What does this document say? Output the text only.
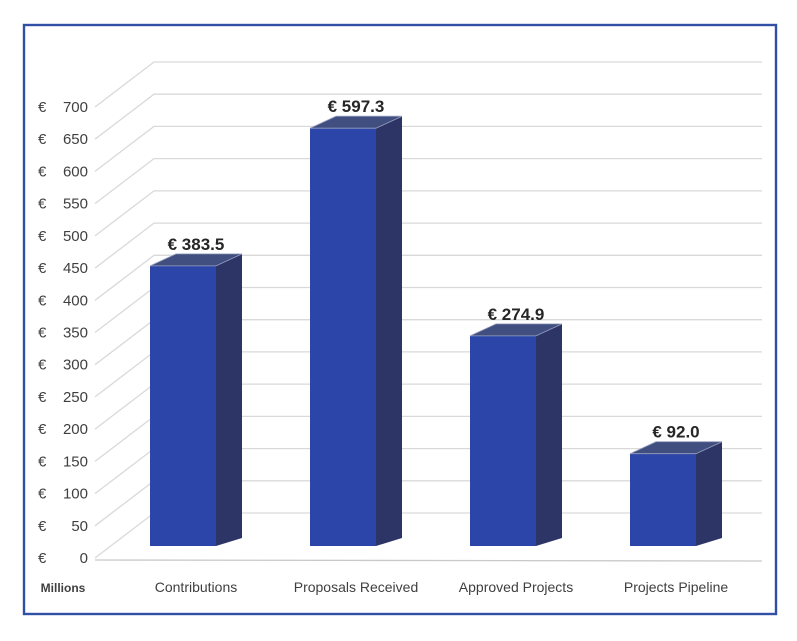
€ 0
€ 50
€ 100
€ 150
€ 200
€ 250
€ 300
€ 350
€ 400
€ 450
€ 500
€ 550
€ 600
€ 650
€ 700
Millions
€ 383.5
Contributions
€ 597.3
Proposals Received
€ 274.9
Approved Projects
€ 92.0
Projects Pipeline
